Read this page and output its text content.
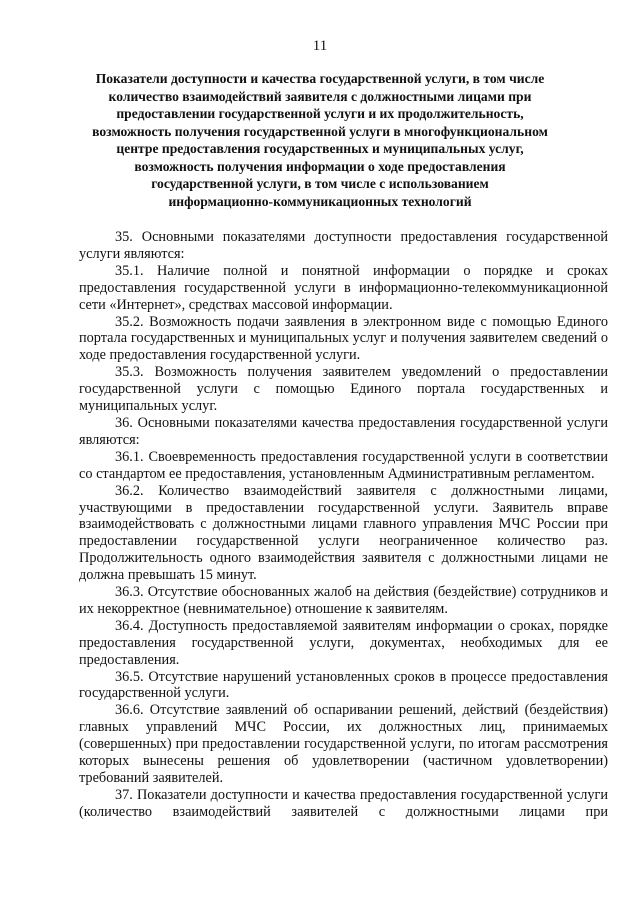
11
Показатели доступности и качества государственной услуги, в том числе
количество взаимодействий заявителя с должностными лицами при
предоставлении государственной услуги и их продолжительность,
возможность получения государственной услуги в многофункциональном
центре предоставления государственных и муниципальных услуг,
возможность получения информации о ходе предоставления
государственной услуги, в том числе с использованием
информационно-коммуникационных технологий

35. Основными показателями доступности предоставления государственной услуги являются:

35.1. Наличие полной и понятной информации о порядке и сроках предоставления государственной услуги в информационно-телекоммуникационной сети «Интернет», средствах массовой информации.

35.2. Возможность подачи заявления в электронном виде с помощью Единого портала государственных и муниципальных услуг и получения заявителем сведений о ходе предоставления государственной услуги.

35.3. Возможность получения заявителем уведомлений о предоставлении государственной услуги с помощью Единого портала государственных и муниципальных услуг.

36. Основными показателями качества предоставления государственной услуги являются:

36.1. Своевременность предоставления государственной услуги в соответствии со стандартом ее предоставления, установленным Административным регламентом.

36.2. Количество взаимодействий заявителя с должностными лицами, участвующими в предоставлении государственной услуги. Заявитель вправе взаимодействовать с должностными лицами главного управления МЧС России при предоставлении государственной услуги неограниченное количество раз. Продолжительность одного взаимодействия заявителя с должностными лицами не должна превышать 15 минут.

36.3. Отсутствие обоснованных жалоб на действия (бездействие) сотрудников и их некорректное (невнимательное) отношение к заявителям.

36.4. Доступность предоставляемой заявителям информации о сроках, порядке предоставления государственной услуги, документах, необходимых для ее предоставления.

36.5. Отсутствие нарушений установленных сроков в процессе предоставления государственной услуги.

36.6. Отсутствие заявлений об оспаривании решений, действий (бездействия) главных управлений МЧС России, их должностных лиц, принимаемых (совершенных) при предоставлении государственной услуги, по итогам рассмотрения которых вынесены решения об удовлетворении (частичном удовлетворении) требований заявителей.

37. Показатели доступности и качества предоставления государственной услуги (количество взаимодействий заявителей с должностными лицами при
